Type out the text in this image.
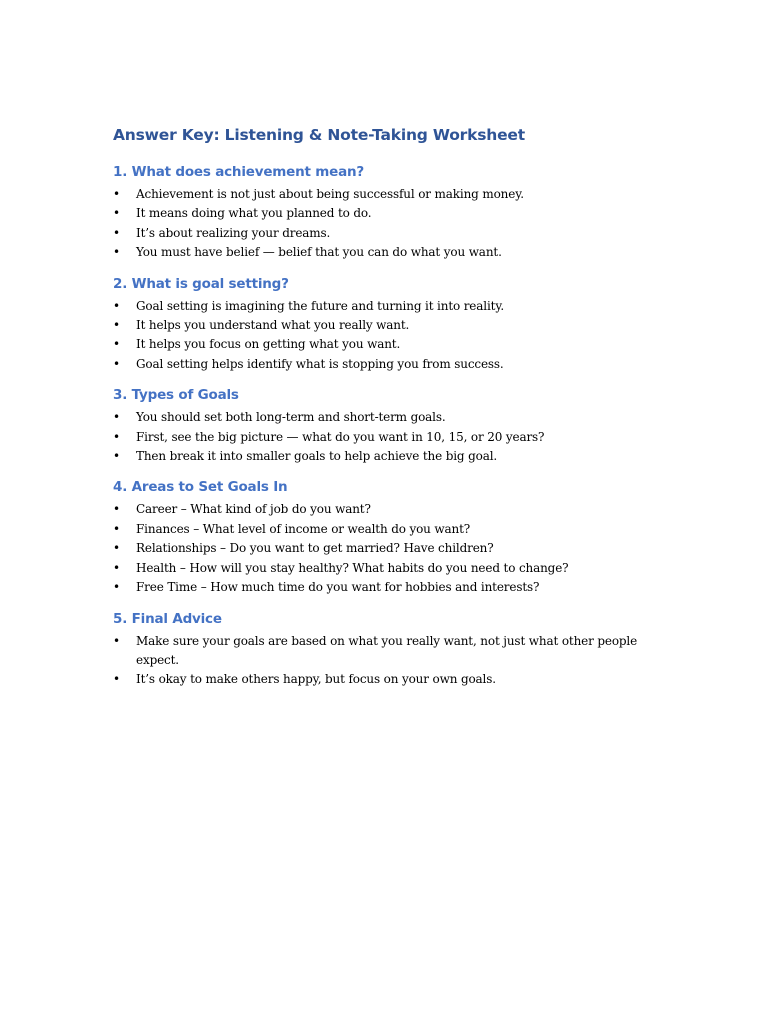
Answer Key: Listening & Note-Taking Worksheet
1. What does achievement mean?
• Achievement is not just about being successful or making money.
• It means doing what you planned to do.
• It’s about realizing your dreams.
• You must have belief — belief that you can do what you want.
2. What is goal setting?
• Goal setting is imagining the future and turning it into reality.
• It helps you understand what you really want.
• It helps you focus on getting what you want.
• Goal setting helps identify what is stopping you from success.
3. Types of Goals
• You should set both long-term and short-term goals.
• First, see the big picture — what do you want in 10, 15, or 20 years?
• Then break it into smaller goals to help achieve the big goal.
4. Areas to Set Goals In
• Career – What kind of job do you want?
• Finances – What level of income or wealth do you want?
• Relationships – Do you want to get married? Have children?
• Health – How will you stay healthy? What habits do you need to change?
• Free Time – How much time do you want for hobbies and interests?
5. Final Advice
• Make sure your goals are based on what you really want, not just what other people expect.
• It’s okay to make others happy, but focus on your own goals.
